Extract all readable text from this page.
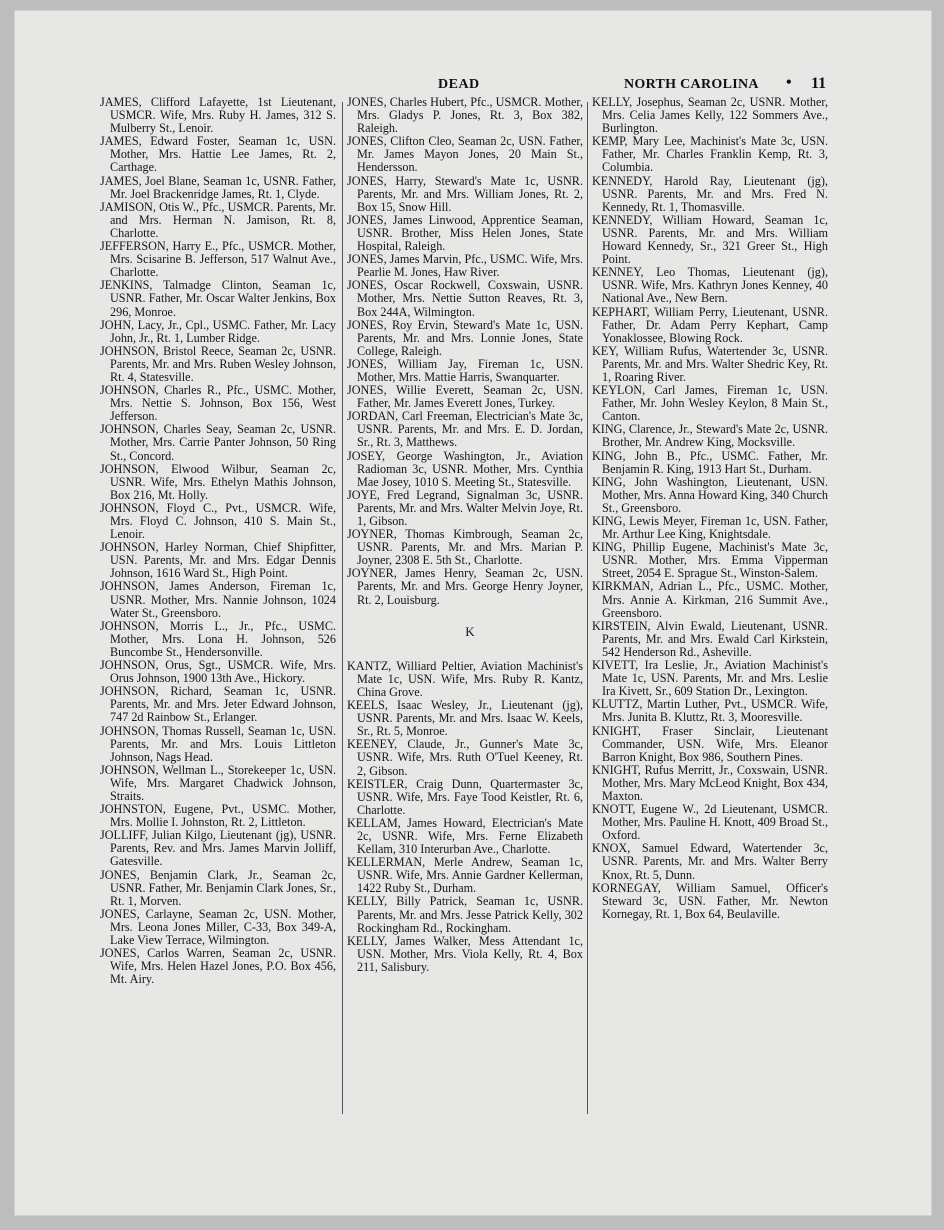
DEAD	NORTH CAROLINA • 11

JAMES, Clifford Lafayette, 1st Lieutenant, USMCR. Wife, Mrs. Ruby H. James, 312 S. Mulberry St., Lenoir.

JAMES, Edward Foster, Seaman 1c, USN. Mother, Mrs. Hattie Lee James, Rt. 2, Carthage.

JAMES, Joel Blane, Seaman 1c, USNR. Father, Mr. Joel Brackenridge James, Rt. 1, Clyde.

JAMISON, Otis W., Pfc., USMCR. Parents, Mr. and Mrs. Herman N. Jamison, Rt. 8, Charlotte.

JEFFERSON, Harry E., Pfc., USMCR. Mother, Mrs. Scisarine B. Jefferson, 517 Walnut Ave., Charlotte.

JENKINS, Talmadge Clinton, Seaman 1c, USNR. Father, Mr. Oscar Walter Jenkins, Box 296, Monroe.

JOHN, Lacy, Jr., Cpl., USMC. Father, Mr. Lacy John, Jr., Rt. 1, Lumber Ridge.

JOHNSON, Bristol Reece, Seaman 2c, USNR. Parents, Mr. and Mrs. Ruben Wesley Johnson, Rt. 4, Statesville.

JOHNSON, Charles R., Pfc., USMC. Mother, Mrs. Nettie S. Johnson, Box 156, West Jefferson.

JOHNSON, Charles Seay, Seaman 2c, USNR. Mother, Mrs. Carrie Panter Johnson, 50 Ring St., Concord.

JOHNSON, Elwood Wilbur, Seaman 2c, USNR. Wife, Mrs. Ethelyn Mathis Johnson, Box 216, Mt. Holly.

JOHNSON, Floyd C., Pvt., USMCR. Wife, Mrs. Floyd C. Johnson, 410 S. Main St., Lenoir.

JOHNSON, Harley Norman, Chief Shipfitter, USN. Parents, Mr. and Mrs. Edgar Dennis Johnson, 1616 Ward St., High Point.

JOHNSON, James Anderson, Fireman 1c, USNR. Mother, Mrs. Nannie Johnson, 1024 Water St., Greensboro.

JOHNSON, Morris L., Jr., Pfc., USMC. Mother, Mrs. Lona H. Johnson, 526 Buncombe St., Hendersonville.

JOHNSON, Orus, Sgt., USMCR. Wife, Mrs. Orus Johnson, 1900 13th Ave., Hickory.

JOHNSON, Richard, Seaman 1c, USNR. Parents, Mr. and Mrs. Jeter Edward Johnson, 747 2d Rainbow St., Erlanger.

JOHNSON, Thomas Russell, Seaman 1c, USN. Parents, Mr. and Mrs. Louis Littleton Johnson, Nags Head.

JOHNSON, Wellman L., Storekeeper 1c, USN. Wife, Mrs. Margaret Chadwick Johnson, Straits.

JOHNSTON, Eugene, Pvt., USMC. Mother, Mrs. Mollie I. Johnston, Rt. 2, Littleton.

JOLLIFF, Julian Kilgo, Lieutenant (jg), USNR. Parents, Rev. and Mrs. James Marvin Jolliff, Gatesville.

JONES, Benjamin Clark, Jr., Seaman 2c, USNR. Father, Mr. Benjamin Clark Jones, Sr., Rt. 1, Morven.

JONES, Carlayne, Seaman 2c, USN. Mother, Mrs. Leona Jones Miller, C-33, Box 349-A, Lake View Terrace, Wilmington.

JONES, Carlos Warren, Seaman 2c, USNR. Wife, Mrs. Helen Hazel Jones, P.O. Box 456, Mt. Airy.

JONES, Charles Hubert, Pfc., USMCR. Mother, Mrs. Gladys P. Jones, Rt. 3, Box 382, Raleigh.

JONES, Clifton Cleo, Seaman 2c, USN. Father, Mr. James Mayon Jones, 20 Main St., Hendersson.

JONES, Harry, Steward's Mate 1c, USNR. Parents, Mr. and Mrs. William Jones, Rt. 2, Box 15, Snow Hill.

JONES, James Linwood, Apprentice Seaman, USNR. Brother, Miss Helen Jones, State Hospital, Raleigh.

JONES, James Marvin, Pfc., USMC. Wife, Mrs. Pearlie M. Jones, Haw River.

JONES, Oscar Rockwell, Coxswain, USNR. Mother, Mrs. Nettie Sutton Reaves, Rt. 3, Box 244A, Wilmington.

JONES, Roy Ervin, Steward's Mate 1c, USN. Parents, Mr. and Mrs. Lonnie Jones, State College, Raleigh.

JONES, William Jay, Fireman 1c, USN. Mother, Mrs. Mattie Harris, Swanquarter.

JONES, Willie Everett, Seaman 2c, USN. Father, Mr. James Everett Jones, Turkey.

JORDAN, Carl Freeman, Electrician's Mate 3c, USNR. Parents, Mr. and Mrs. E. D. Jordan, Sr., Rt. 3, Matthews.

JOSEY, George Washington, Jr., Aviation Radioman 3c, USNR. Mother, Mrs. Cynthia Mae Josey, 1010 S. Meeting St., Statesville.

JOYE, Fred Legrand, Signalman 3c, USNR. Parents, Mr. and Mrs. Walter Melvin Joye, Rt. 1, Gibson.

JOYNER, Thomas Kimbrough, Seaman 2c, USNR. Parents, Mr. and Mrs. Marian P. Joyner, 2308 E. 5th St., Charlotte.

JOYNER, James Henry, Seaman 2c, USN. Parents, Mr. and Mrs. George Henry Joyner, Rt. 2, Louisburg.

K

KANTZ, Williard Peltier, Aviation Machinist's Mate 1c, USN. Wife, Mrs. Ruby R. Kantz, China Grove.

KEELS, Isaac Wesley, Jr., Lieutenant (jg), USNR. Parents, Mr. and Mrs. Isaac W. Keels, Sr., Rt. 5, Monroe.

KEENEY, Claude, Jr., Gunner's Mate 3c, USNR. Wife, Mrs. Ruth O'Tuel Keeney, Rt. 2, Gibson.

KEISTLER, Craig Dunn, Quartermaster 3c, USNR. Wife, Mrs. Faye Tood Keistler, Rt. 6, Charlotte.

KELLAM, James Howard, Electrician's Mate 2c, USNR. Wife, Mrs. Ferne Elizabeth Kellam, 310 Interurban Ave., Charlotte.

KELLERMAN, Merle Andrew, Seaman 1c, USNR. Wife, Mrs. Annie Gardner Kellerman, 1422 Ruby St., Durham.

KELLY, Billy Patrick, Seaman 1c, USNR. Parents, Mr. and Mrs. Jesse Patrick Kelly, 302 Rockingham Rd., Rockingham.

KELLY, James Walker, Mess Attendant 1c, USN. Mother, Mrs. Viola Kelly, Rt. 4, Box 211, Salisbury.

KELLY, Josephus, Seaman 2c, USNR. Mother, Mrs. Celia James Kelly, 122 Sommers Ave., Burlington.

KEMP, Mary Lee, Machinist's Mate 3c, USN. Father, Mr. Charles Franklin Kemp, Rt. 3, Columbia.

KENNEDY, Harold Ray, Lieutenant (jg), USNR. Parents, Mr. and Mrs. Fred N. Kennedy, Rt. 1, Thomasville.

KENNEDY, William Howard, Seaman 1c, USNR. Parents, Mr. and Mrs. William Howard Kennedy, Sr., 321 Greer St., High Point.

KENNEY, Leo Thomas, Lieutenant (jg), USNR. Wife, Mrs. Kathryn Jones Kenney, 40 National Ave., New Bern.

KEPHART, William Perry, Lieutenant, USNR. Father, Dr. Adam Perry Kephart, Camp Yonaklossee, Blowing Rock.

KEY, William Rufus, Watertender 3c, USNR. Parents, Mr. and Mrs. Walter Shedric Key, Rt. 1, Roaring River.

KEYLON, Carl James, Fireman 1c, USN. Father, Mr. John Wesley Keylon, 8 Main St., Canton.

KING, Clarence, Jr., Steward's Mate 2c, USNR. Brother, Mr. Andrew King, Mocksville.

KING, John B., Pfc., USMC. Father, Mr. Benjamin R. King, 1913 Hart St., Durham.

KING, John Washington, Lieutenant, USN. Mother, Mrs. Anna Howard King, 340 Church St., Greensboro.

KING, Lewis Meyer, Fireman 1c, USN. Father, Mr. Arthur Lee King, Knightsdale.

KING, Phillip Eugene, Machinist's Mate 3c, USNR. Mother, Mrs. Emma Vipperman Street, 2054 E. Sprague St., Winston-Salem.

KIRKMAN, Adrian L., Pfc., USMC. Mother, Mrs. Annie A. Kirkman, 216 Summit Ave., Greensboro.

KIRSTEIN, Alvin Ewald, Lieutenant, USNR. Parents, Mr. and Mrs. Ewald Carl Kirkstein, 542 Henderson Rd., Asheville.

KIVETT, Ira Leslie, Jr., Aviation Machinist's Mate 1c, USN. Parents, Mr. and Mrs. Leslie Ira Kivett, Sr., 609 Station Dr., Lexington.

KLUTTZ, Martin Luther, Pvt., USMCR. Wife, Mrs. Junita B. Kluttz, Rt. 3, Mooresville.

KNIGHT, Fraser Sinclair, Lieutenant Commander, USN. Wife, Mrs. Eleanor Barron Knight, Box 986, Southern Pines.

KNIGHT, Rufus Merritt, Jr., Coxswain, USNR. Mother, Mrs. Mary McLeod Knight, Box 434, Maxton.

KNOTT, Eugene W., 2d Lieutenant, USMCR. Mother, Mrs. Pauline H. Knott, 409 Broad St., Oxford.

KNOX, Samuel Edward, Watertender 3c, USNR. Parents, Mr. and Mrs. Walter Berry Knox, Rt. 5, Dunn.

KORNEGAY, William Samuel, Officer's Steward 3c, USN. Father, Mr. Newton Kornegay, Rt. 1, Box 64, Beulaville.
